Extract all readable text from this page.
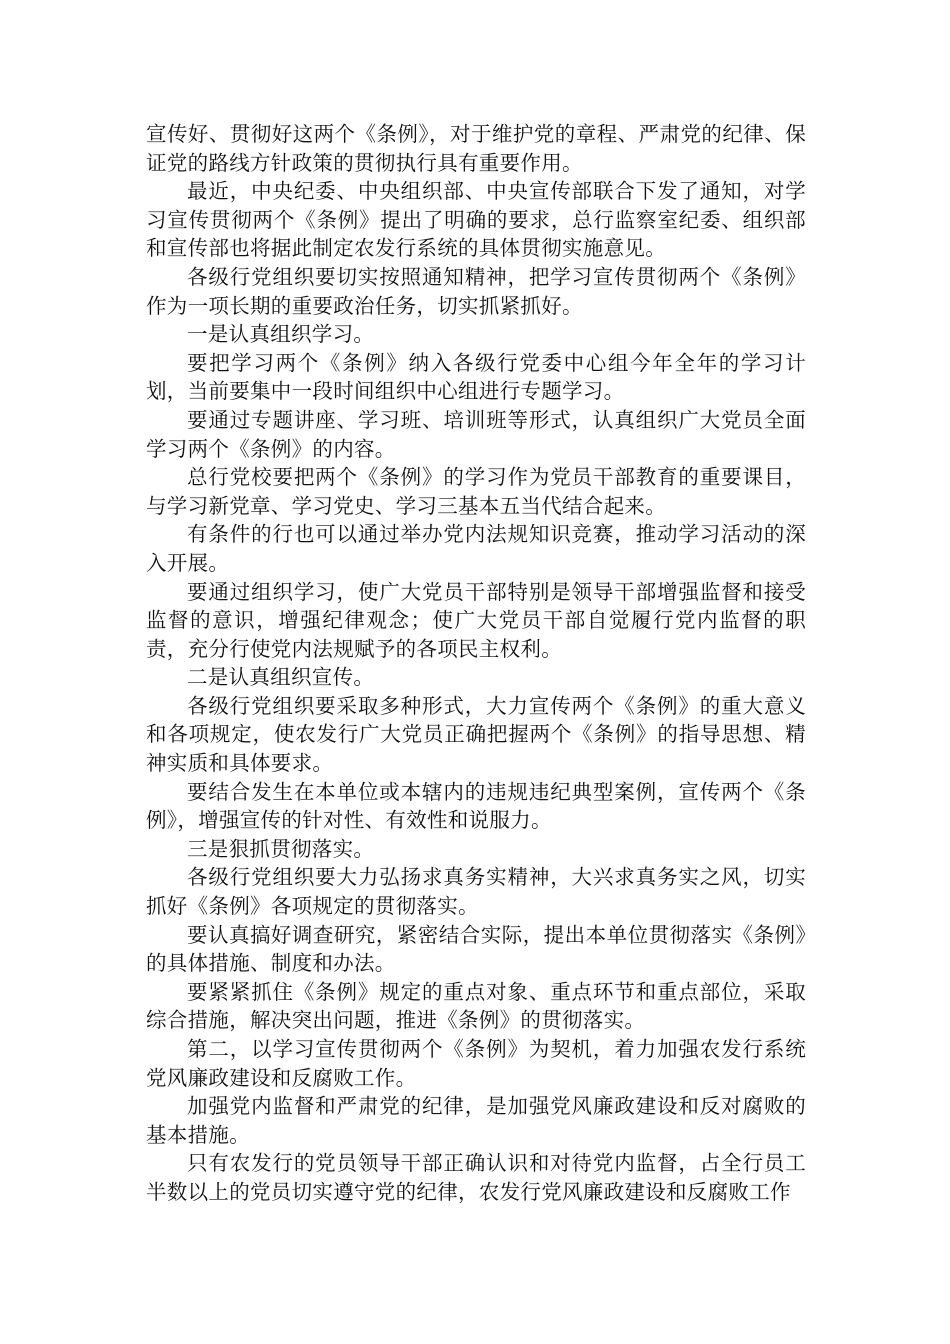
宣传好、贯彻好这两个《条例》，对于维护党的章程、严肃党的纪律、保证党的路线方针政策的贯彻执行具有重要作用。

最近，中央纪委、中央组织部、中央宣传部联合下发了通知，对学习宣传贯彻两个《条例》提出了明确的要求，总行监察室纪委、组织部和宣传部也将据此制定农发行系统的具体贯彻实施意见。

各级行党组织要切实按照通知精神，把学习宣传贯彻两个《条例》作为一项长期的重要政治任务，切实抓紧抓好。

一是认真组织学习。

要把学习两个《条例》纳入各级行党委中心组今年全年的学习计划，当前要集中一段时间组织中心组进行专题学习。

要通过专题讲座、学习班、培训班等形式，认真组织广大党员全面学习两个《条例》的内容。

总行党校要把两个《条例》的学习作为党员干部教育的重要课目，与学习新党章、学习党史、学习三基本五当代结合起来。

有条件的行也可以通过举办党内法规知识竞赛，推动学习活动的深入开展。

要通过组织学习，使广大党员干部特别是领导干部增强监督和接受监督的意识，增强纪律观念；使广大党员干部自觉履行党内监督的职责，充分行使党内法规赋予的各项民主权利。

二是认真组织宣传。

各级行党组织要采取多种形式，大力宣传两个《条例》的重大意义和各项规定，使农发行广大党员正确把握两个《条例》的指导思想、精神实质和具体要求。

要结合发生在本单位或本辖内的违规违纪典型案例，宣传两个《条例》，增强宣传的针对性、有效性和说服力。

三是狠抓贯彻落实。

各级行党组织要大力弘扬求真务实精神，大兴求真务实之风，切实抓好《条例》各项规定的贯彻落实。

要认真搞好调查研究，紧密结合实际，提出本单位贯彻落实《条例》的具体措施、制度和办法。

要紧紧抓住《条例》规定的重点对象、重点环节和重点部位，采取综合措施，解决突出问题，推进《条例》的贯彻落实。

第二，以学习宣传贯彻两个《条例》为契机，着力加强农发行系统党风廉政建设和反腐败工作。

加强党内监督和严肃党的纪律，是加强党风廉政建设和反对腐败的基本措施。

只有农发行的党员领导干部正确认识和对待党内监督，占全行员工半数以上的党员切实遵守党的纪律，农发行党风廉政建设和反腐败工作
